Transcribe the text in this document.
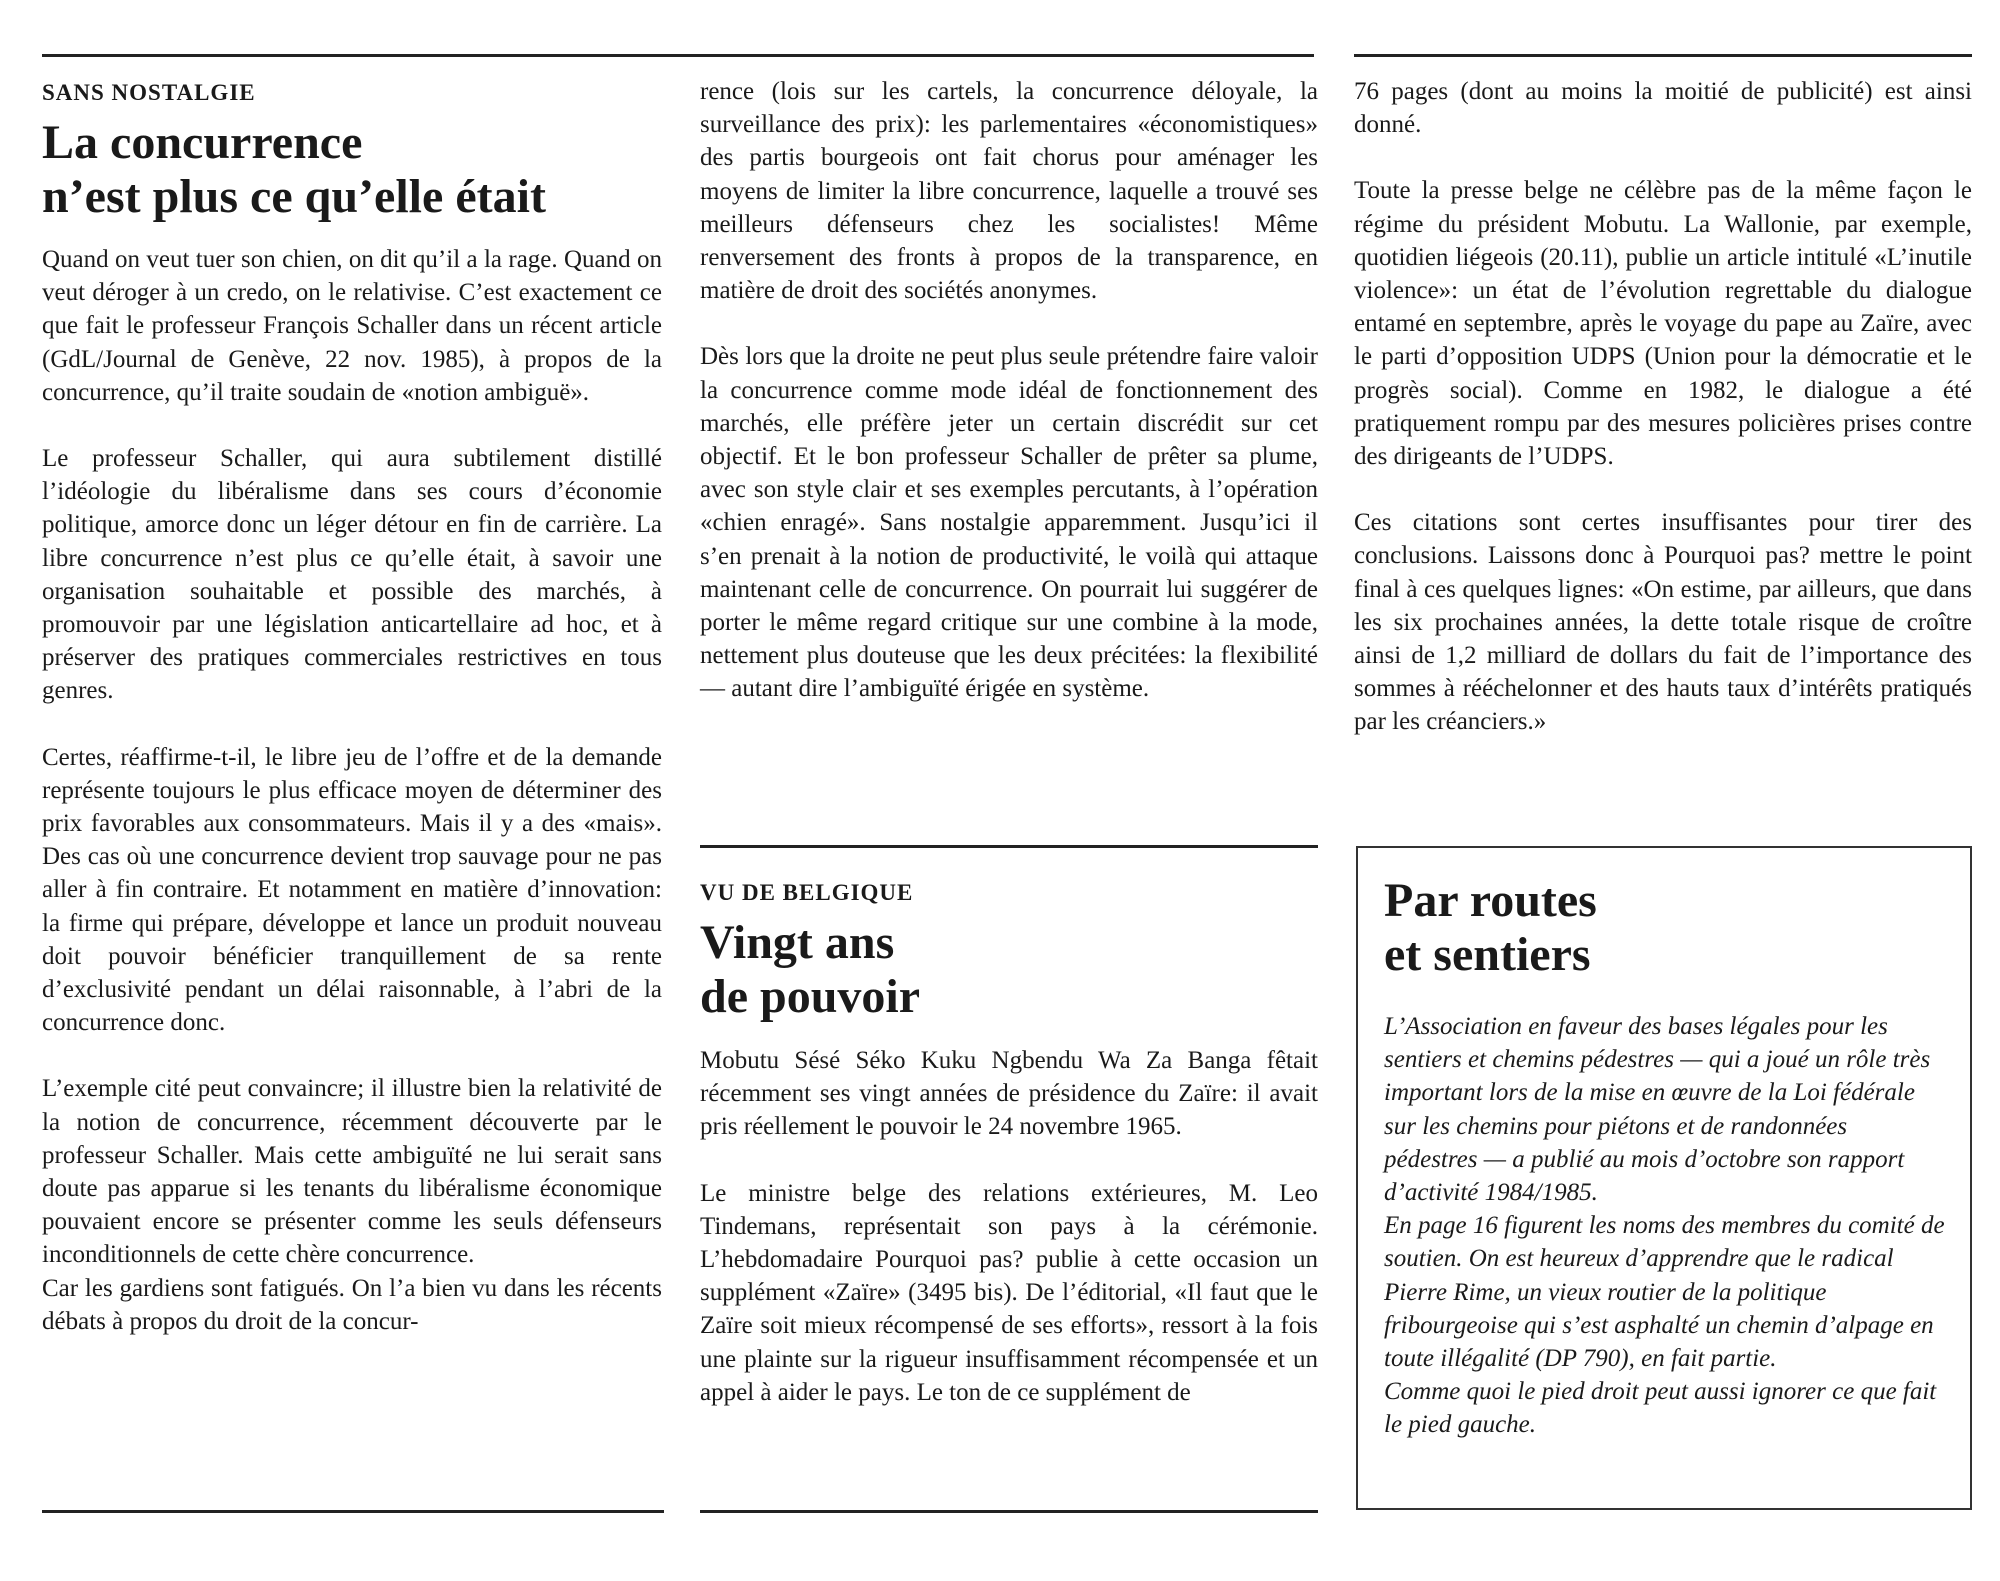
SANS NOSTALGIE
La concurrence
n’est plus ce qu’elle était

Quand on veut tuer son chien, on dit qu’il a la rage. Quand on veut déroger à un credo, on le relativise. C’est exactement ce que fait le professeur François Schaller dans un récent article (GdL/Journal de Genève, 22 nov. 1985), à propos de la concurrence, qu’il traite soudain de «notion ambiguë».

Le professeur Schaller, qui aura subtilement distillé l’idéologie du libéralisme dans ses cours d’économie politique, amorce donc un léger détour en fin de carrière. La libre concurrence n’est plus ce qu’elle était, à savoir une organisation souhaitable et possible des marchés, à promouvoir par une législation anticartellaire ad hoc, et à préserver des pratiques commerciales restrictives en tous genres.

Certes, réaffirme-t-il, le libre jeu de l’offre et de la demande représente toujours le plus efficace moyen de déterminer des prix favorables aux consommateurs. Mais il y a des «mais». Des cas où une concurrence devient trop sauvage pour ne pas aller à fin contraire. Et notamment en matière d’innovation: la firme qui prépare, développe et lance un produit nouveau doit pouvoir bénéficier tranquillement de sa rente d’exclusivité pendant un délai raisonnable, à l’abri de la concurrence donc.

L’exemple cité peut convaincre; il illustre bien la relativité de la notion de concurrence, récemment découverte par le professeur Schaller. Mais cette ambiguïté ne lui serait sans doute pas apparue si les tenants du libéralisme économique pouvaient encore se présenter comme les seuls défenseurs inconditionnels de cette chère concurrence.

Car les gardiens sont fatigués. On l’a bien vu dans les récents débats à propos du droit de la concur-

rence (lois sur les cartels, la concurrence déloyale, la surveillance des prix): les parlementaires «économistiques» des partis bourgeois ont fait chorus pour aménager les moyens de limiter la libre concurrence, laquelle a trouvé ses meilleurs défenseurs chez les socialistes! Même renversement des fronts à propos de la transparence, en matière de droit des sociétés anonymes.

Dès lors que la droite ne peut plus seule prétendre faire valoir la concurrence comme mode idéal de fonctionnement des marchés, elle préfère jeter un certain discrédit sur cet objectif. Et le bon professeur Schaller de prêter sa plume, avec son style clair et ses exemples percutants, à l’opération «chien enragé». Sans nostalgie apparemment. Jusqu’ici il s’en prenait à la notion de productivité, le voilà qui attaque maintenant celle de concurrence. On pourrait lui suggérer de porter le même regard critique sur une combine à la mode, nettement plus douteuse que les deux précitées: la flexibilité — autant dire l’ambiguïté érigée en système.

VU DE BELGIQUE
Vingt ans
de pouvoir

Mobutu Sésé Séko Kuku Ngbendu Wa Za Banga fêtait récemment ses vingt années de présidence du Zaïre: il avait pris réellement le pouvoir le 24 novembre 1965.

Le ministre belge des relations extérieures, M. Leo Tindemans, représentait son pays à la cérémonie. L’hebdomadaire Pourquoi pas? publie à cette occasion un supplément «Zaïre» (3495 bis). De l’éditorial, «Il faut que le Zaïre soit mieux récompensé de ses efforts», ressort à la fois une plainte sur la rigueur insuffisamment récompensée et un appel à aider le pays. Le ton de ce supplément de

76 pages (dont au moins la moitié de publicité) est ainsi donné.

Toute la presse belge ne célèbre pas de la même façon le régime du président Mobutu. La Wallonie, par exemple, quotidien liégeois (20.11), publie un article intitulé «L’inutile violence»: un état de l’évolution regrettable du dialogue entamé en septembre, après le voyage du pape au Zaïre, avec le parti d’opposition UDPS (Union pour la démocratie et le progrès social). Comme en 1982, le dialogue a été pratiquement rompu par des mesures policières prises contre des dirigeants de l’UDPS.

Ces citations sont certes insuffisantes pour tirer des conclusions. Laissons donc à Pourquoi pas? mettre le point final à ces quelques lignes: «On estime, par ailleurs, que dans les six prochaines années, la dette totale risque de croître ainsi de 1,2 milliard de dollars du fait de l’importance des sommes à rééchelonner et des hauts taux d’intérêts pratiqués par les créanciers.»

Par routes
et sentiers

L’Association en faveur des bases légales pour les sentiers et chemins pédestres — qui a joué un rôle très important lors de la mise en œuvre de la Loi fédérale sur les chemins pour piétons et de randonnées pédestres — a publié au mois d’octobre son rapport d’activité 1984/1985.

En page 16 figurent les noms des membres du comité de soutien. On est heureux d’apprendre que le radical Pierre Rime, un vieux routier de la politique fribourgeoise qui s’est asphalté un chemin d’alpage en toute illégalité (DP 790), en fait partie.

Comme quoi le pied droit peut aussi ignorer ce que fait le pied gauche.
